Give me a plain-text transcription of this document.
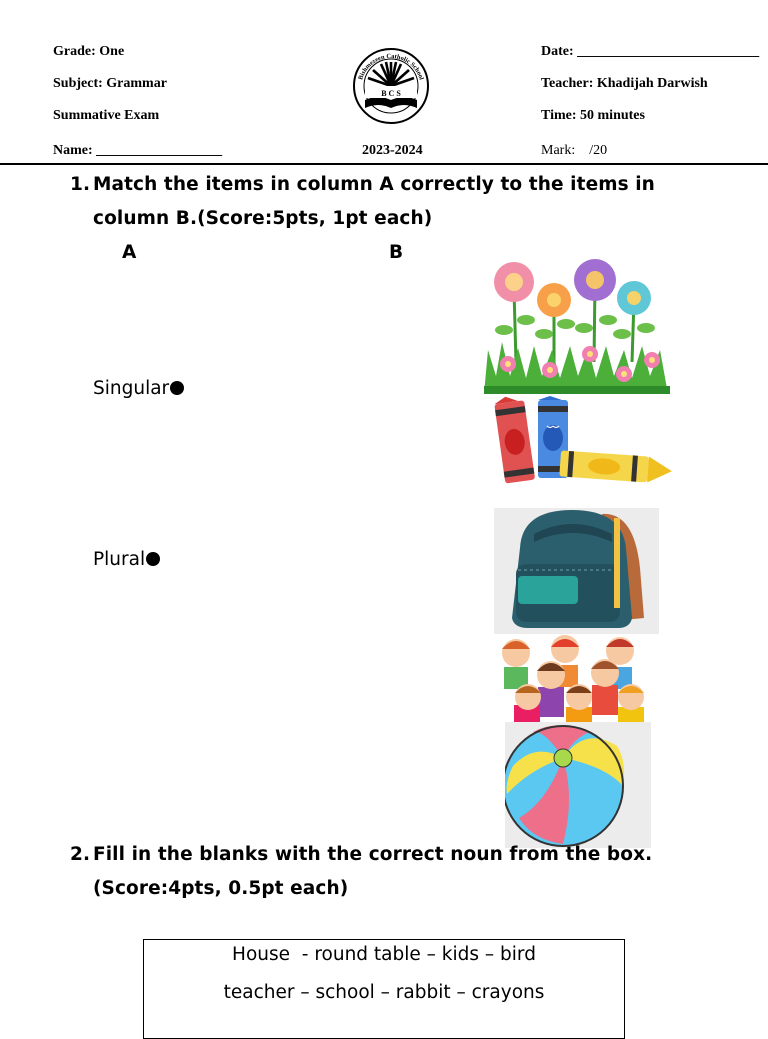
Grade: One
Subject: Grammar
Summative Exam
Name: __________________	2023-2024
Date: __________________________
Teacher: Khadijah Darwish
Time: 50 minutes
Mark:    /20
B C S
Bishmezeen Catholic School
1. Match the items in column A correctly to the items in
column B.(Score:5pts, 1pt each)
A	B
Singular
Plural
2. Fill in the blanks with the correct noun from the box.
(Score:4pts, 0.5pt each)
House  - round table – kids – bird
teacher – school – rabbit – crayons
